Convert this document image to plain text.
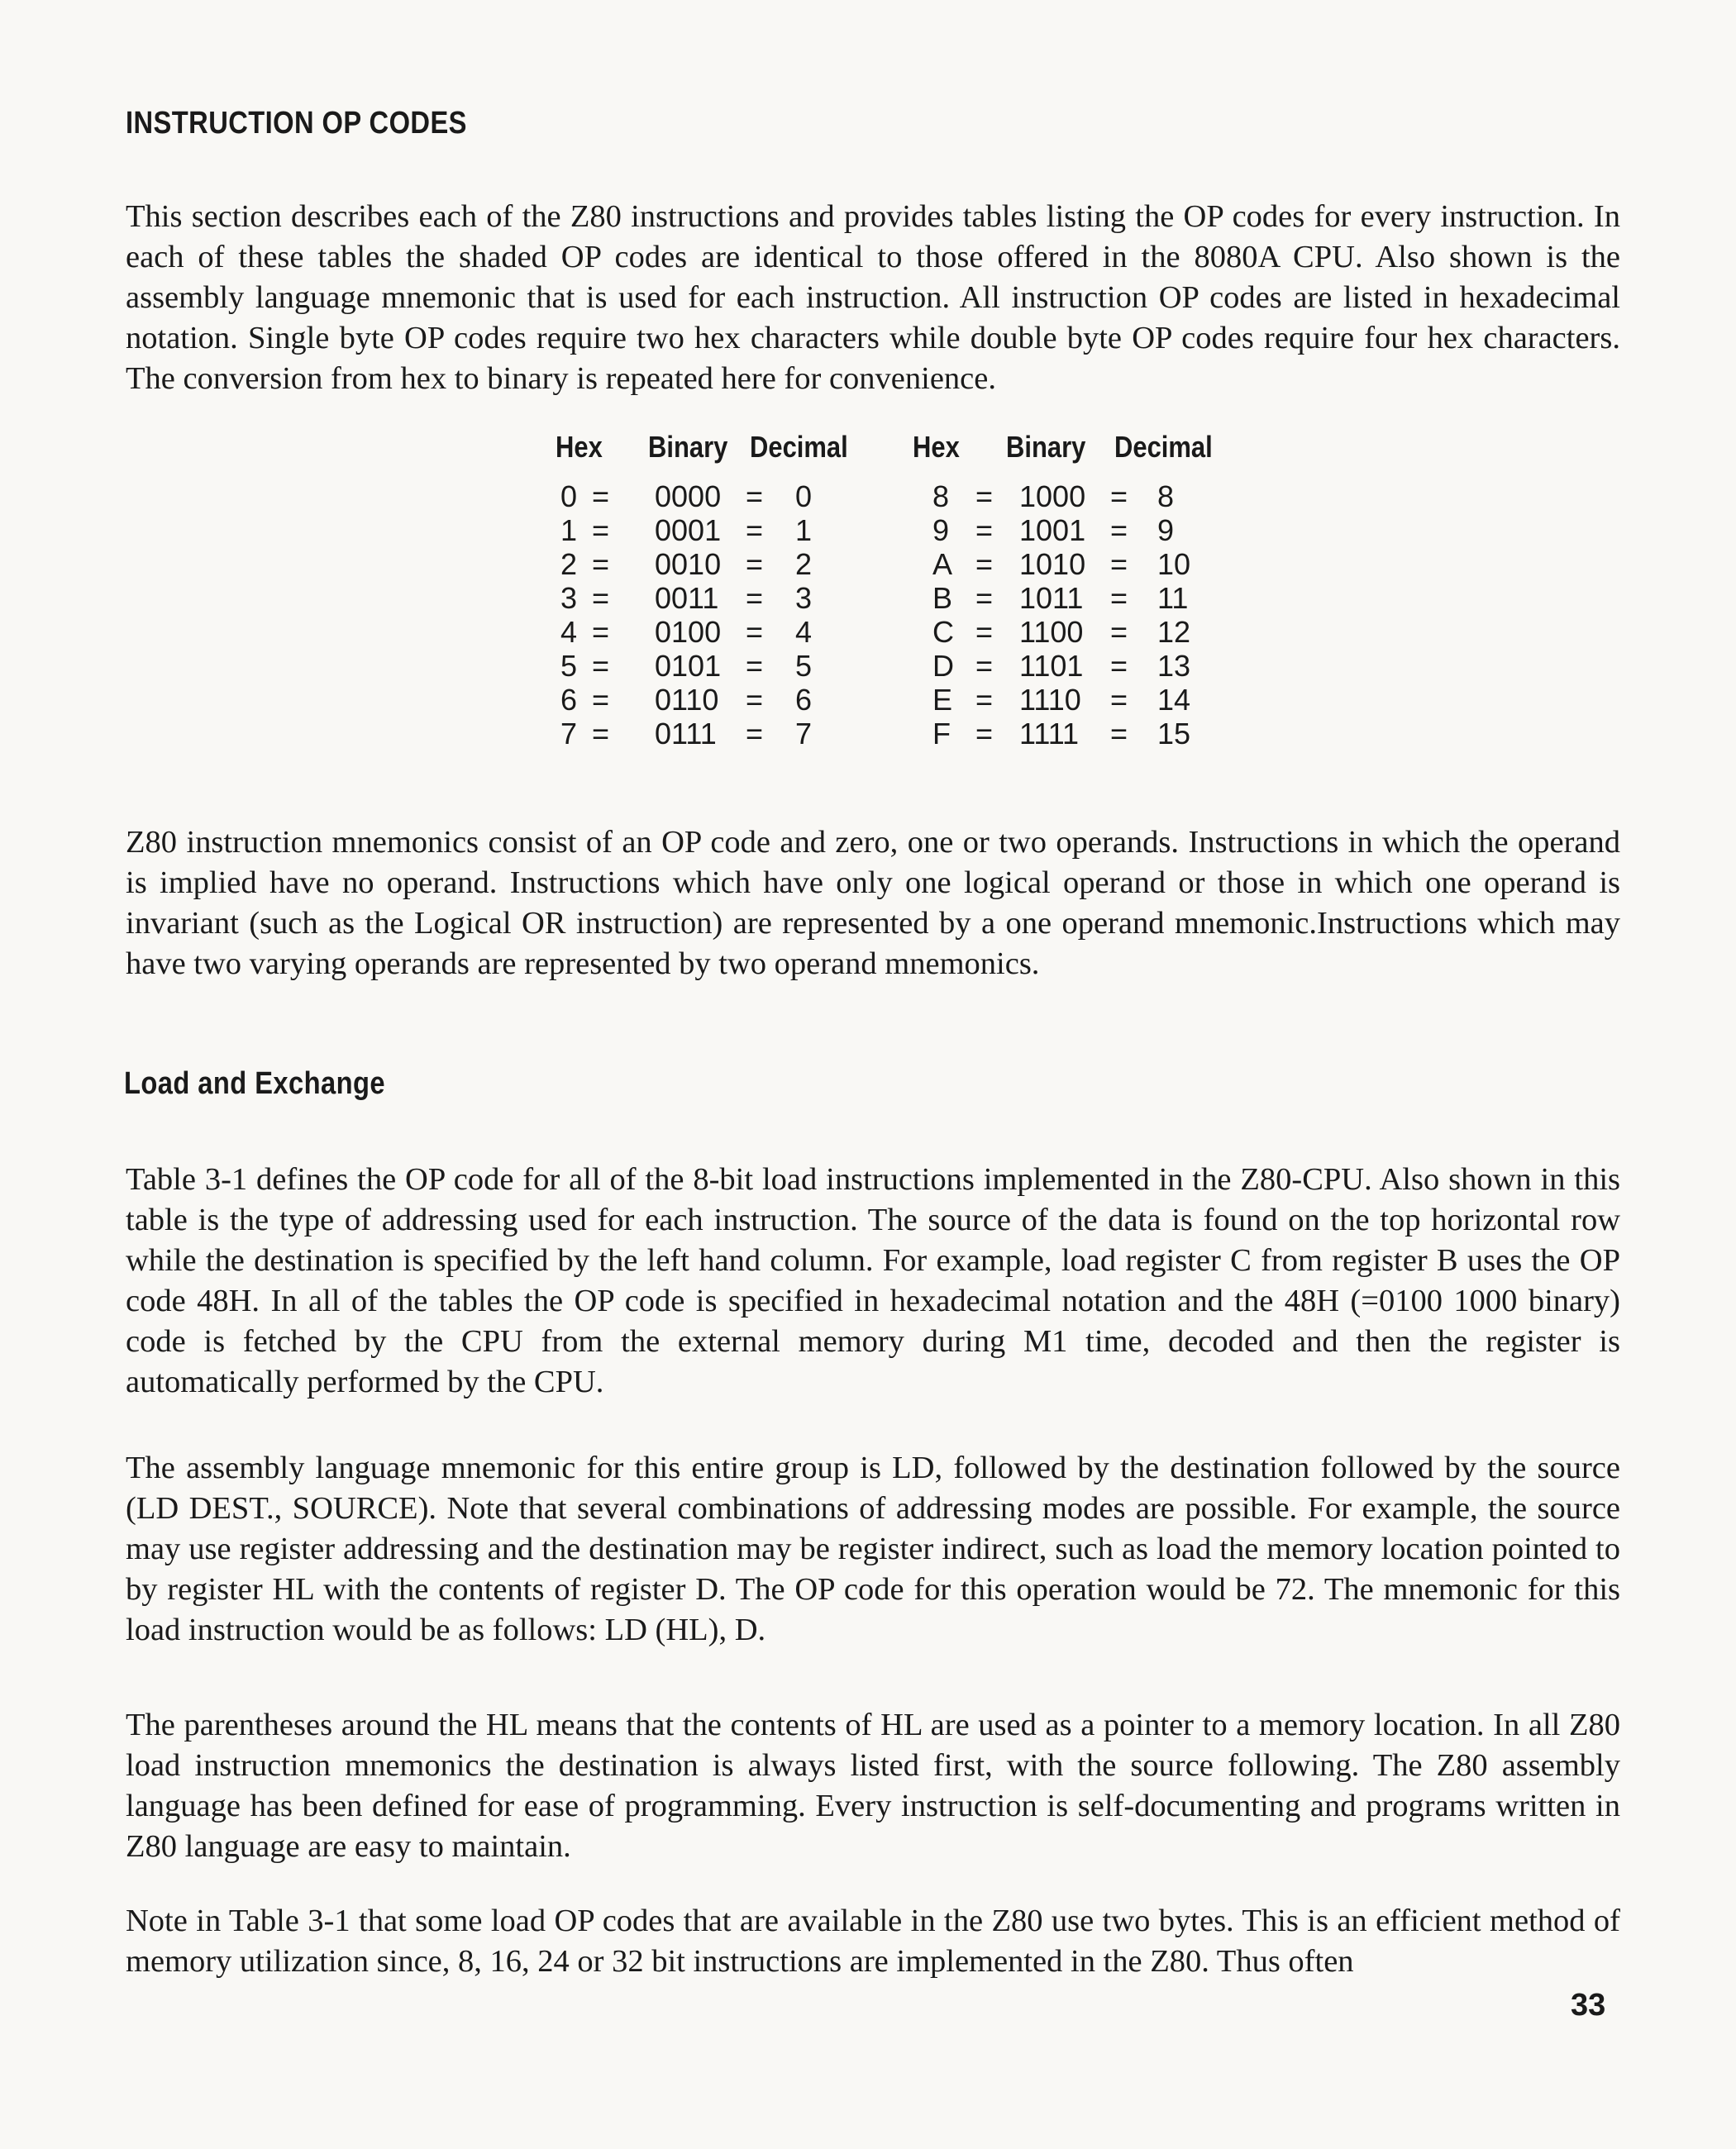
INSTRUCTION OP CODES

This section describes each of the Z80 instructions and provides tables listing the OP codes for every instruction. In each of these tables the shaded OP codes are identical to those offered in the 8080A CPU. Also shown is the assembly language mnemonic that is used for each instruction. All instruction OP codes are listed in hexadecimal notation. Single byte OP codes require two hex characters while double byte OP codes require four hex characters. The conversion from hex to binary is repeated here for convenience.

Hex Binary Decimal Hex Binary Decimal
0 = 0000 = 0
1 = 0001 = 1
2 = 0010 = 2
3 = 0011 = 3
4 = 0100 = 4
5 = 0101 = 5
6 = 0110 = 6
7 = 0111 = 7
8 = 1000 = 8
9 = 1001 = 9
A = 1010 = 10
B = 1011 = 11
C = 1100 = 12
D = 1101 = 13
E = 1110 = 14
F = 1111 = 15

Z80 instruction mnemonics consist of an OP code and zero, one or two operands. Instructions in which the operand is implied have no operand. Instructions which have only one logical operand or those in which one operand is invariant (such as the Logical OR instruction) are represented by a one operand mnemonic.Instructions which may have two varying operands are represented by two operand mnemonics.

Load and Exchange

Table 3-1 defines the OP code for all of the 8-bit load instructions implemented in the Z80-CPU. Also shown in this table is the type of addressing used for each instruction. The source of the data is found on the top horizontal row while the destination is specified by the left hand column. For example, load register C from register B uses the OP code 48H. In all of the tables the OP code is specified in hexadecimal notation and the 48H (=0100 1000 binary) code is fetched by the CPU from the external memory during M1 time, decoded and then the register is automatically performed by the CPU.

The assembly language mnemonic for this entire group is LD, followed by the destination followed by the source (LD DEST., SOURCE). Note that several combinations of addressing modes are possible. For example, the source may use register addressing and the destination may be register indirect, such as load the memory location pointed to by register HL with the contents of register D. The OP code for this operation would be 72. The mnemonic for this load instruction would be as follows: LD (HL), D.

The parentheses around the HL means that the contents of HL are used as a pointer to a memory location. In all Z80 load instruction mnemonics the destination is always listed first, with the source following. The Z80 assembly language has been defined for ease of programming. Every instruction is self-documenting and programs written in Z80 language are easy to maintain.

Note in Table 3-1 that some load OP codes that are available in the Z80 use two bytes. This is an efficient method of memory utilization since, 8, 16, 24 or 32 bit instructions are implemented in the Z80. Thus often

33
